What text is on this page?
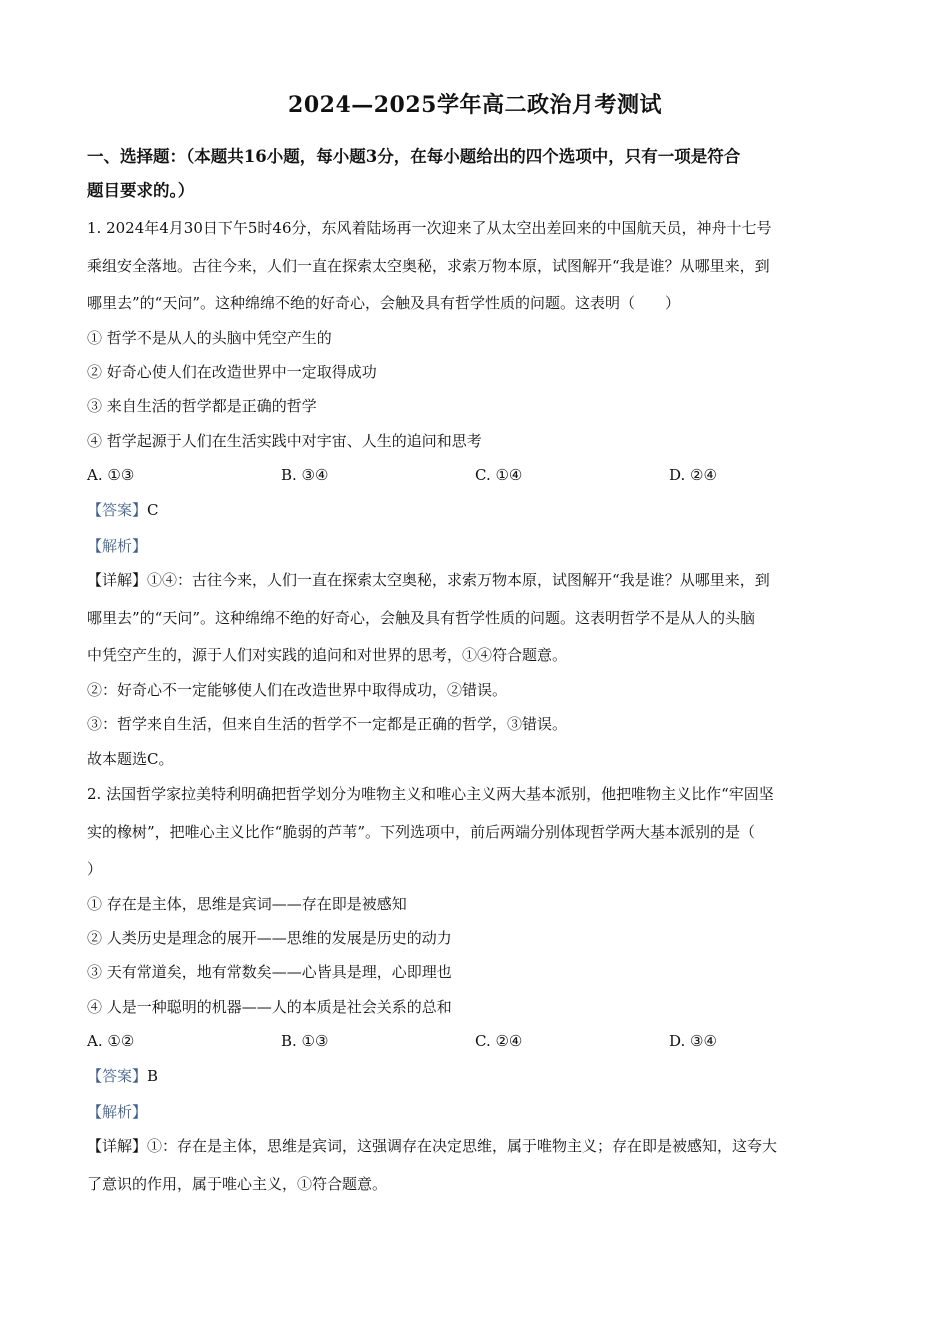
2024—2025学年高二政治月考测试
一、选择题：（本题共16小题，每小题3分，在每小题给出的四个选项中，只有一项是符合
题目要求的。）
1. 2024年4月30日下午5时46分，东风着陆场再一次迎来了从太空出差回来的中国航天员，神舟十七号
乘组安全落地。古往今来，人们一直在探索太空奥秘，求索万物本原，试图解开“我是谁？从哪里来，到
哪里去”的“天问”。这种绵绵不绝的好奇心，会触及具有哲学性质的问题。这表明（　　）
① 哲学不是从人的头脑中凭空产生的
② 好奇心使人们在改造世界中一定取得成功
③ 来自生活的哲学都是正确的哲学
④ 哲学起源于人们在生活实践中对宇宙、人生的追问和思考
A. ①③	B. ③④	C. ①④	D. ②④
【答案】C
【解析】
【详解】①④：古往今来，人们一直在探索太空奥秘，求索万物本原，试图解开“我是谁？从哪里来，到
哪里去”的“天问”。这种绵绵不绝的好奇心，会触及具有哲学性质的问题。这表明哲学不是从人的头脑
中凭空产生的，源于人们对实践的追问和对世界的思考，①④符合题意。
②：好奇心不一定能够使人们在改造世界中取得成功，②错误。
③：哲学来自生活，但来自生活的哲学不一定都是正确的哲学，③错误。
故本题选C。
2. 法国哲学家拉美特利明确把哲学划分为唯物主义和唯心主义两大基本派别，他把唯物主义比作“牢固坚
实的橡树”，把唯心主义比作“脆弱的芦苇”。下列选项中，前后两端分别体现哲学两大基本派别的是（
）
① 存在是主体，思维是宾词——存在即是被感知
② 人类历史是理念的展开——思维的发展是历史的动力
③ 天有常道矣，地有常数矣——心皆具是理，心即理也
④ 人是一种聪明的机器——人的本质是社会关系的总和
A. ①②	B. ①③	C. ②④	D. ③④
【答案】B
【解析】
【详解】①：存在是主体，思维是宾词，这强调存在决定思维，属于唯物主义；存在即是被感知，这夸大
了意识的作用，属于唯心主义，①符合题意。
